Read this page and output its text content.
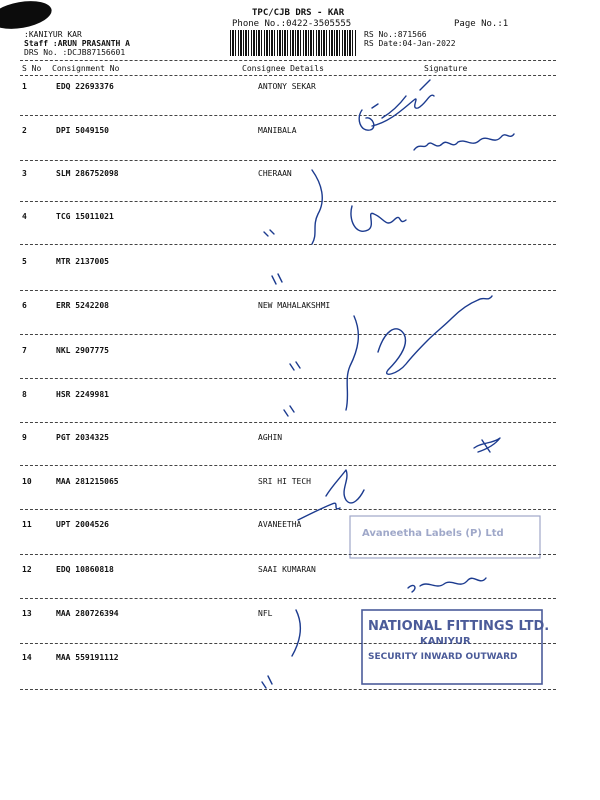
TPC/CJB DRS - KAR
Phone No.:0422-3505555	Page No.:1
:KANIYUR KAR
Staff :ARUN PRASANTH A
DRS No. :DCJB87156601
RS No.:871566
RS Date:04-Jan-2022
S No Consignment No	Consignee Details	Signature
1	EDQ 22693376	ANTONY SEKAR
2	DPI 5049150	MANIBALA
3	SLM 286752098	CHERAAN
4	TCG 15011021
5	MTR 2137005
6	ERR 5242208	NEW MAHALAKSHMI
7	NKL 2907775
8	HSR 2249981
9	PGT 2034325	AGHIN
10	MAA 281215065	SRI HI TECH
11	UPT 2004526	AVANEETHA
12	EDQ 10860818	SAAI KUMARAN
13	MAA 280726394	NFL
14	MAA 559191112
Avaneetha Labels (P) Ltd
NATIONAL FITTINGS LTD.
KANIYUR
SECURITY INWARD OUTWARD
